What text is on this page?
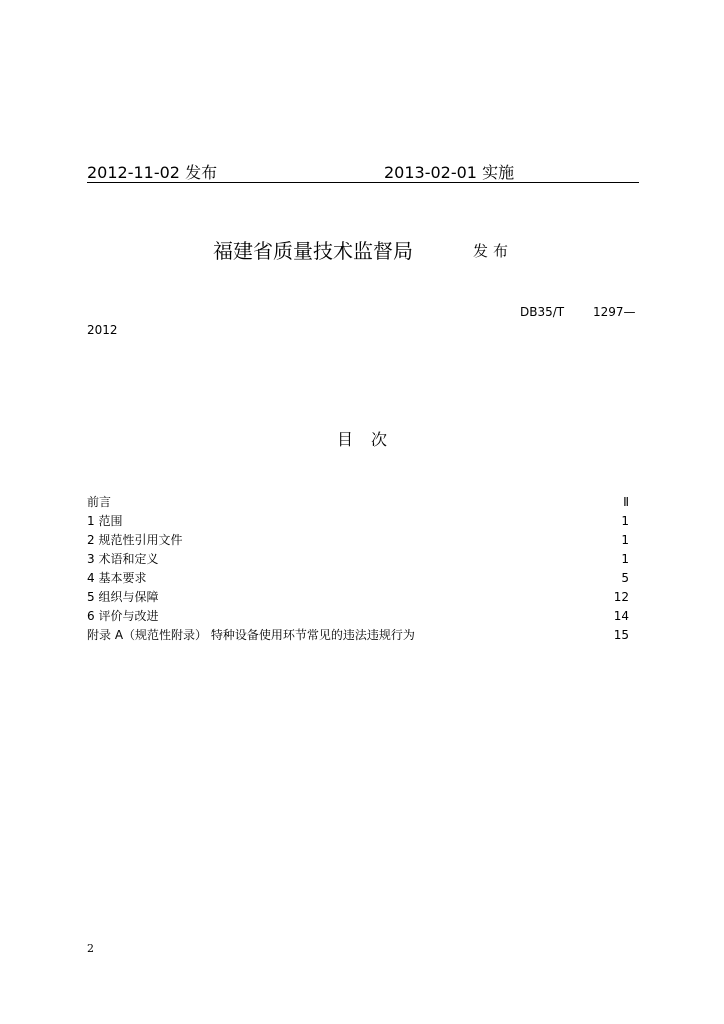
2012-11-02 发布	2013-02-01 实施
福建省质量技术监督局	发布
DB35/T 1297—
2012
目次
前言	Ⅱ
1 范围	1
2 规范性引用文件	1
3 术语和定义	1
4 基本要求	5
5 组织与保障	12
6 评价与改进	14
附录 A（规范性附录） 特种设备使用环节常见的违法违规行为	15
2
